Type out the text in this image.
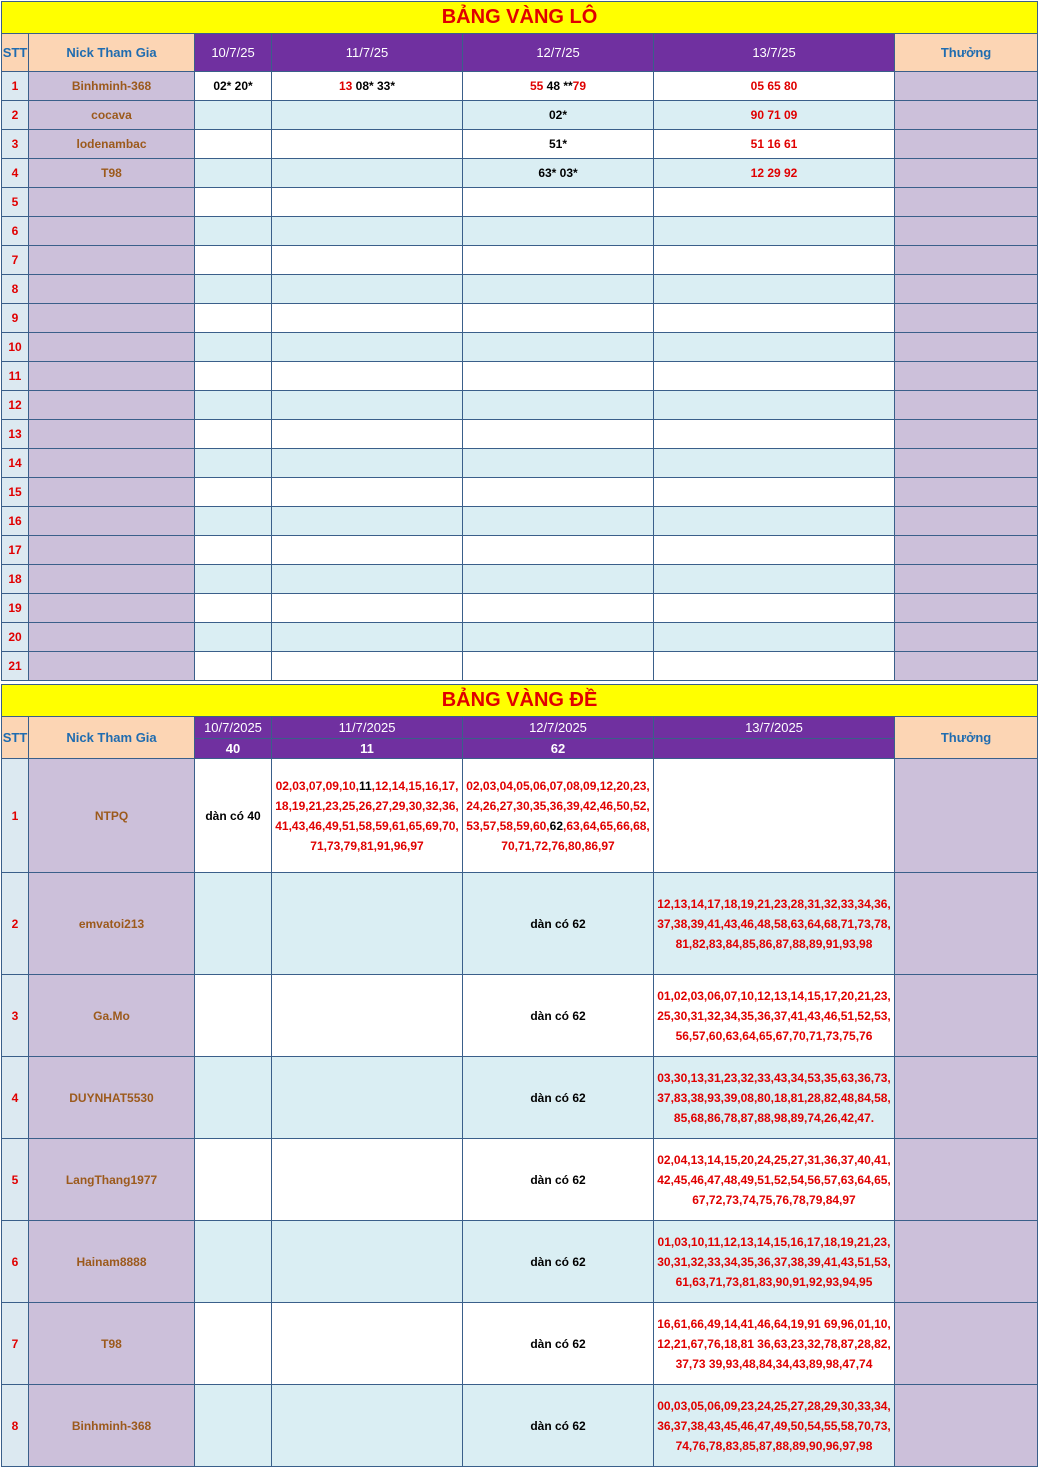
BẢNG VÀNG LÔ						
STT	Nick Tham Gia	10/7/25	11/7/25	12/7/25	13/7/25	Thưởng
1	Binhminh-368	02* 20*	13 08* 33*	55 48 **79	05 65 80	
2	cocava			02*	90 71 09	
3	lodenambac			51*	51 16 61	
4	T98			63* 03*	12 29 92	
5						
6						
7						
8						
9						
10						
11						
12						
13						
14						
15						
16						
17						
18						
19						
20						
21						
BẢNG VÀNG ĐỀ						
STT	Nick Tham Gia	10/7/2025	11/7/2025	12/7/2025	13/7/2025	Thưởng
		40	11	62		
1	NTPQ	dàn có 40	02,03,07,09,10,11,12,14,15,16,17,18,19,21,23,25,26,27,29,30,32,36,41,43,46,49,51,58,59,61,65,69,70,71,73,79,81,91,96,97	02,03,04,05,06,07,08,09,12,20,23,24,26,27,30,35,36,39,42,46,50,52,53,57,58,59,60,62,63,64,65,66,68,70,71,72,76,80,86,97		
2	emvatoi213			dàn có 62	12,13,14,17,18,19,21,23,28,31,32,33,34,36,37,38,39,41,43,46,48,58,63,64,68,71,73,78,81,82,83,84,85,86,87,88,89,91,93,98	
3	Ga.Mo			dàn có 62	01,02,03,06,07,10,12,13,14,15,17,20,21,23,25,30,31,32,34,35,36,37,41,43,46,51,52,53,56,57,60,63,64,65,67,70,71,73,75,76	
4	DUYNHAT5530			dàn có 62	03,30,13,31,23,32,33,43,34,53,35,63,36,73,37,83,38,93,39,08,80,18,81,28,82,48,84,58,85,68,86,78,87,88,98,89,74,26,42,47.	
5	LangThang1977			dàn có 62	02,04,13,14,15,20,24,25,27,31,36,37,40,41,42,45,46,47,48,49,51,52,54,56,57,63,64,65,67,72,73,74,75,76,78,79,84,97	
6	Hainam8888			dàn có 62	01,03,10,11,12,13,14,15,16,17,18,19,21,23,30,31,32,33,34,35,36,37,38,39,41,43,51,53,61,63,71,73,81,83,90,91,92,93,94,95	
7	T98			dàn có 62	16,61,66,49,14,41,46,64,19,91 69,96,01,10,12,21,67,76,18,81 36,63,23,32,78,87,28,82,37,73 39,93,48,84,34,43,89,98,47,74	
8	Binhminh-368			dàn có 62	00,03,05,06,09,23,24,25,27,28,29,30,33,34,36,37,38,43,45,46,47,49,50,54,55,58,70,73,74,76,78,83,85,87,88,89,90,96,97,98	
